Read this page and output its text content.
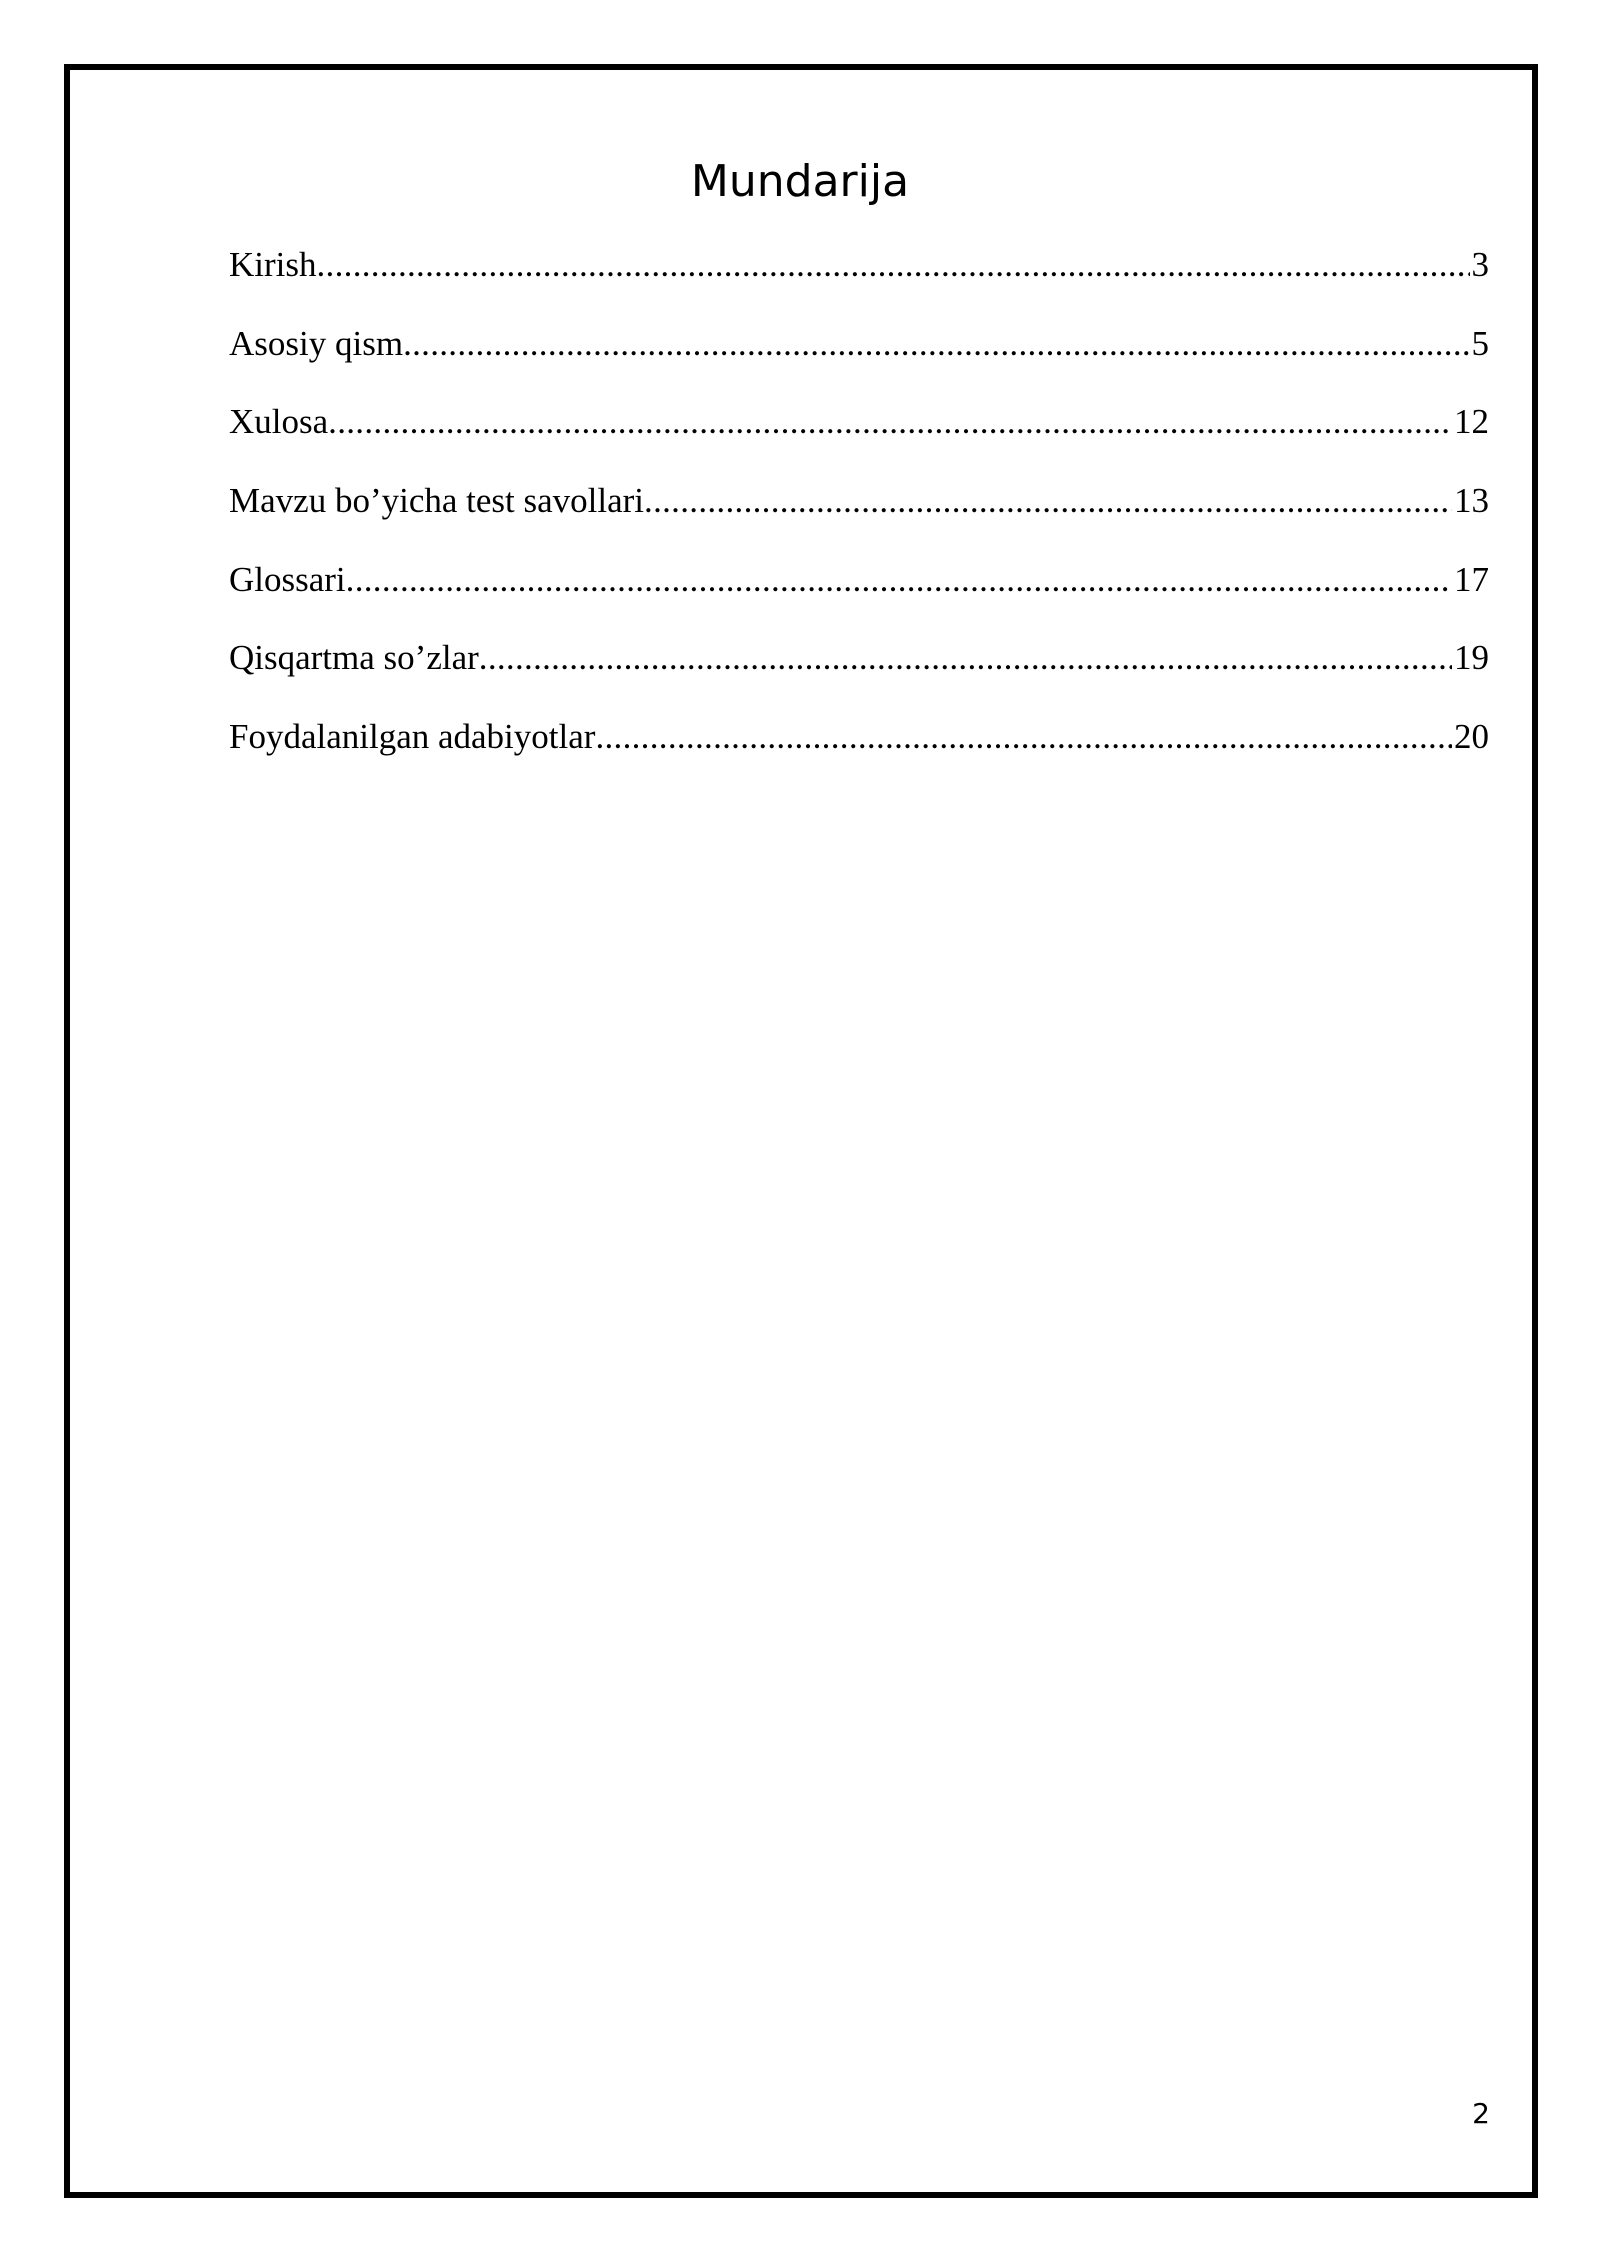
Mundarija
Kirish .....	3
Asosiy qism .....	5
Xulosa .....	12
Mavzu bo’yicha test savollari .....	13
Glossari .....	17
Qisqartma so’zlar .....	19
Foydalanilgan adabiyotlar .....	20
2
